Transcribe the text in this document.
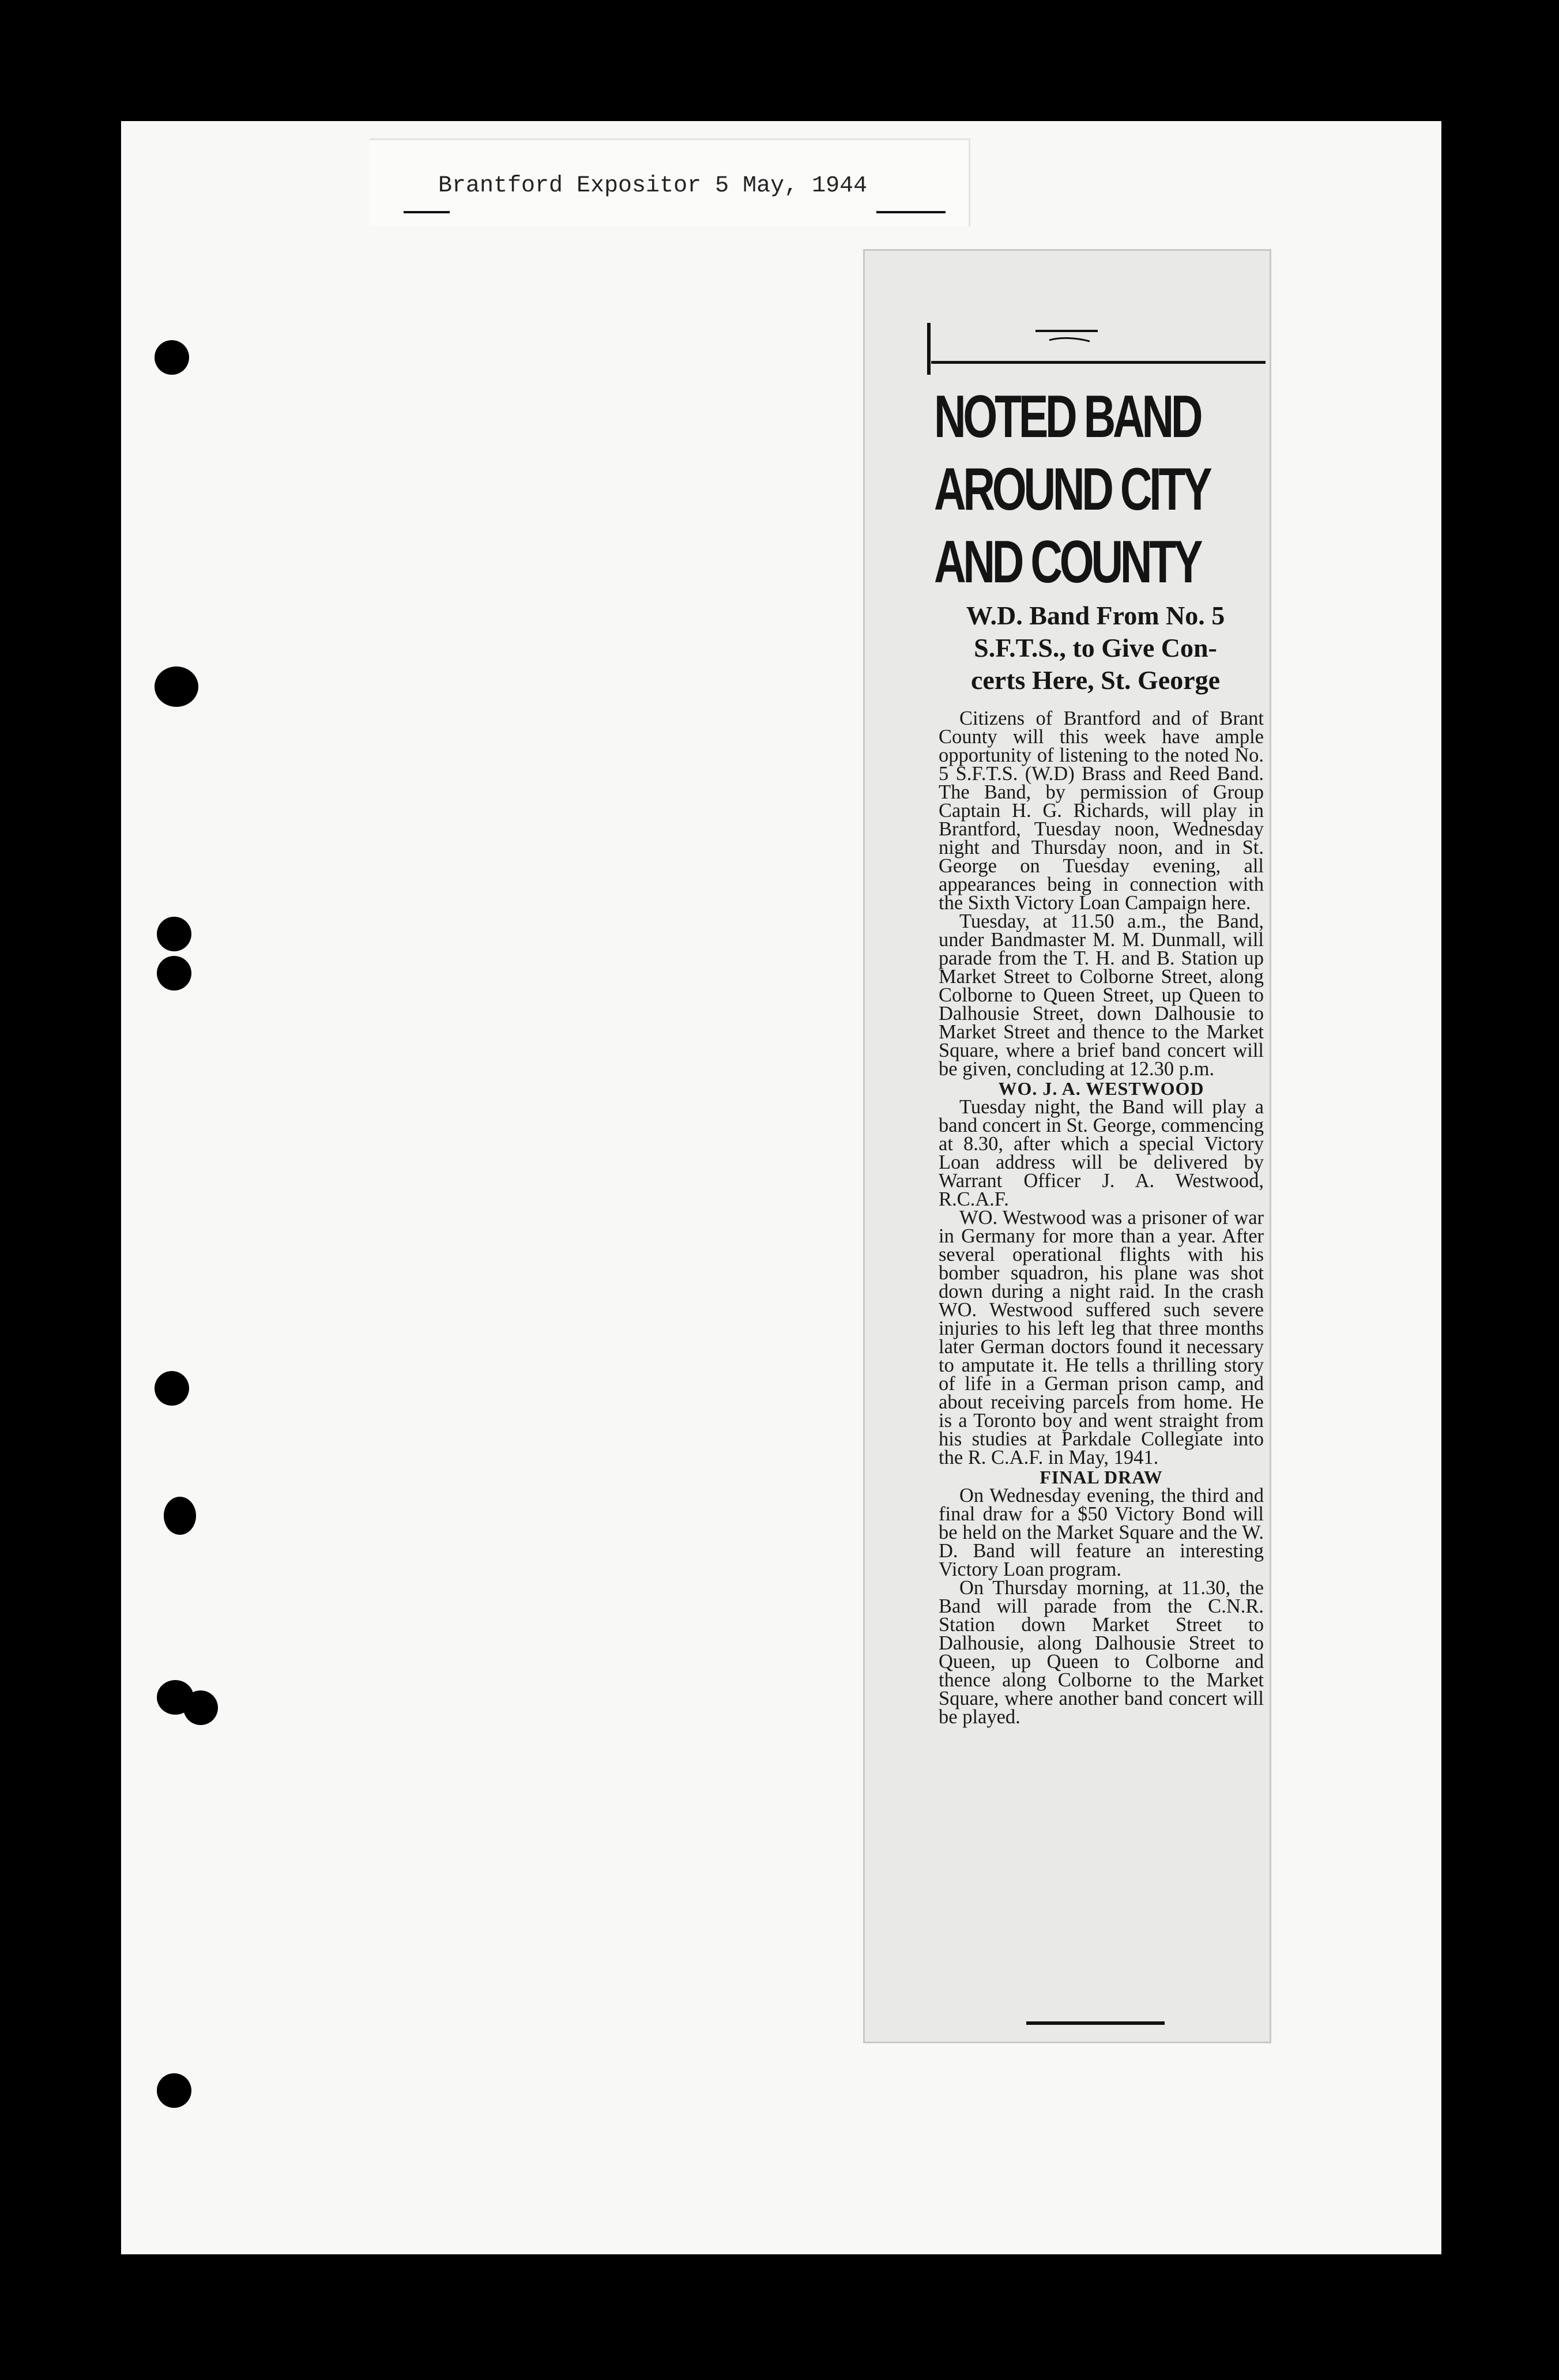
Brantford Expositor 5 May, 1944
NOTED BAND
AROUND CITY
AND COUNTY
W.D. Band From No. 5
S.F.T.S., to Give Con-
certs Here, St. George

Citizens of Brantford and of Brant County will this week have ample opportunity of listening to the noted No. 5 S.F.T.S. (W.D) Brass and Reed Band. The Band, by permission of Group Captain H. G. Richards, will play in Brantford, Tuesday noon, Wednesday night and Thursday noon, and in St. George on Tuesday evening, all appearances being in connection with the Sixth Victory Loan Campaign here.

Tuesday, at 11.50 a.m., the Band, under Bandmaster M. M. Dunmall, will parade from the T. H. and B. Station up Market Street to Colborne Street, along Colborne to Queen Street, up Queen to Dalhousie Street, down Dalhousie to Market Street and thence to the Market Square, where a brief band concert will be given, concluding at 12.30 p.m.

WO. J. A. WESTWOOD

Tuesday night, the Band will play a band concert in St. George, commencing at 8.30, after which a special Victory Loan address will be delivered by Warrant Officer J. A. Westwood, R.C.A.F.

WO. Westwood was a prisoner of war in Germany for more than a year. After several operational flights with his bomber squadron, his plane was shot down during a night raid. In the crash WO. Westwood suffered such severe injuries to his left leg that three months later German doctors found it necessary to amputate it. He tells a thrilling story of life in a German prison camp, and about receiving parcels from home. He is a Toronto boy and went straight from his studies at Parkdale Collegiate into the R. C.A.F. in May, 1941.

FINAL DRAW

On Wednesday evening, the third and final draw for a $50 Victory Bond will be held on the Market Square and the W. D. Band will feature an interesting Victory Loan program.

On Thursday morning, at 11.30, the Band will parade from the C.N.R. Station down Market Street to Dalhousie, along Dalhousie Street to Queen, up Queen to Colborne and thence along Colborne to the Market Square, where another band concert will be played.
